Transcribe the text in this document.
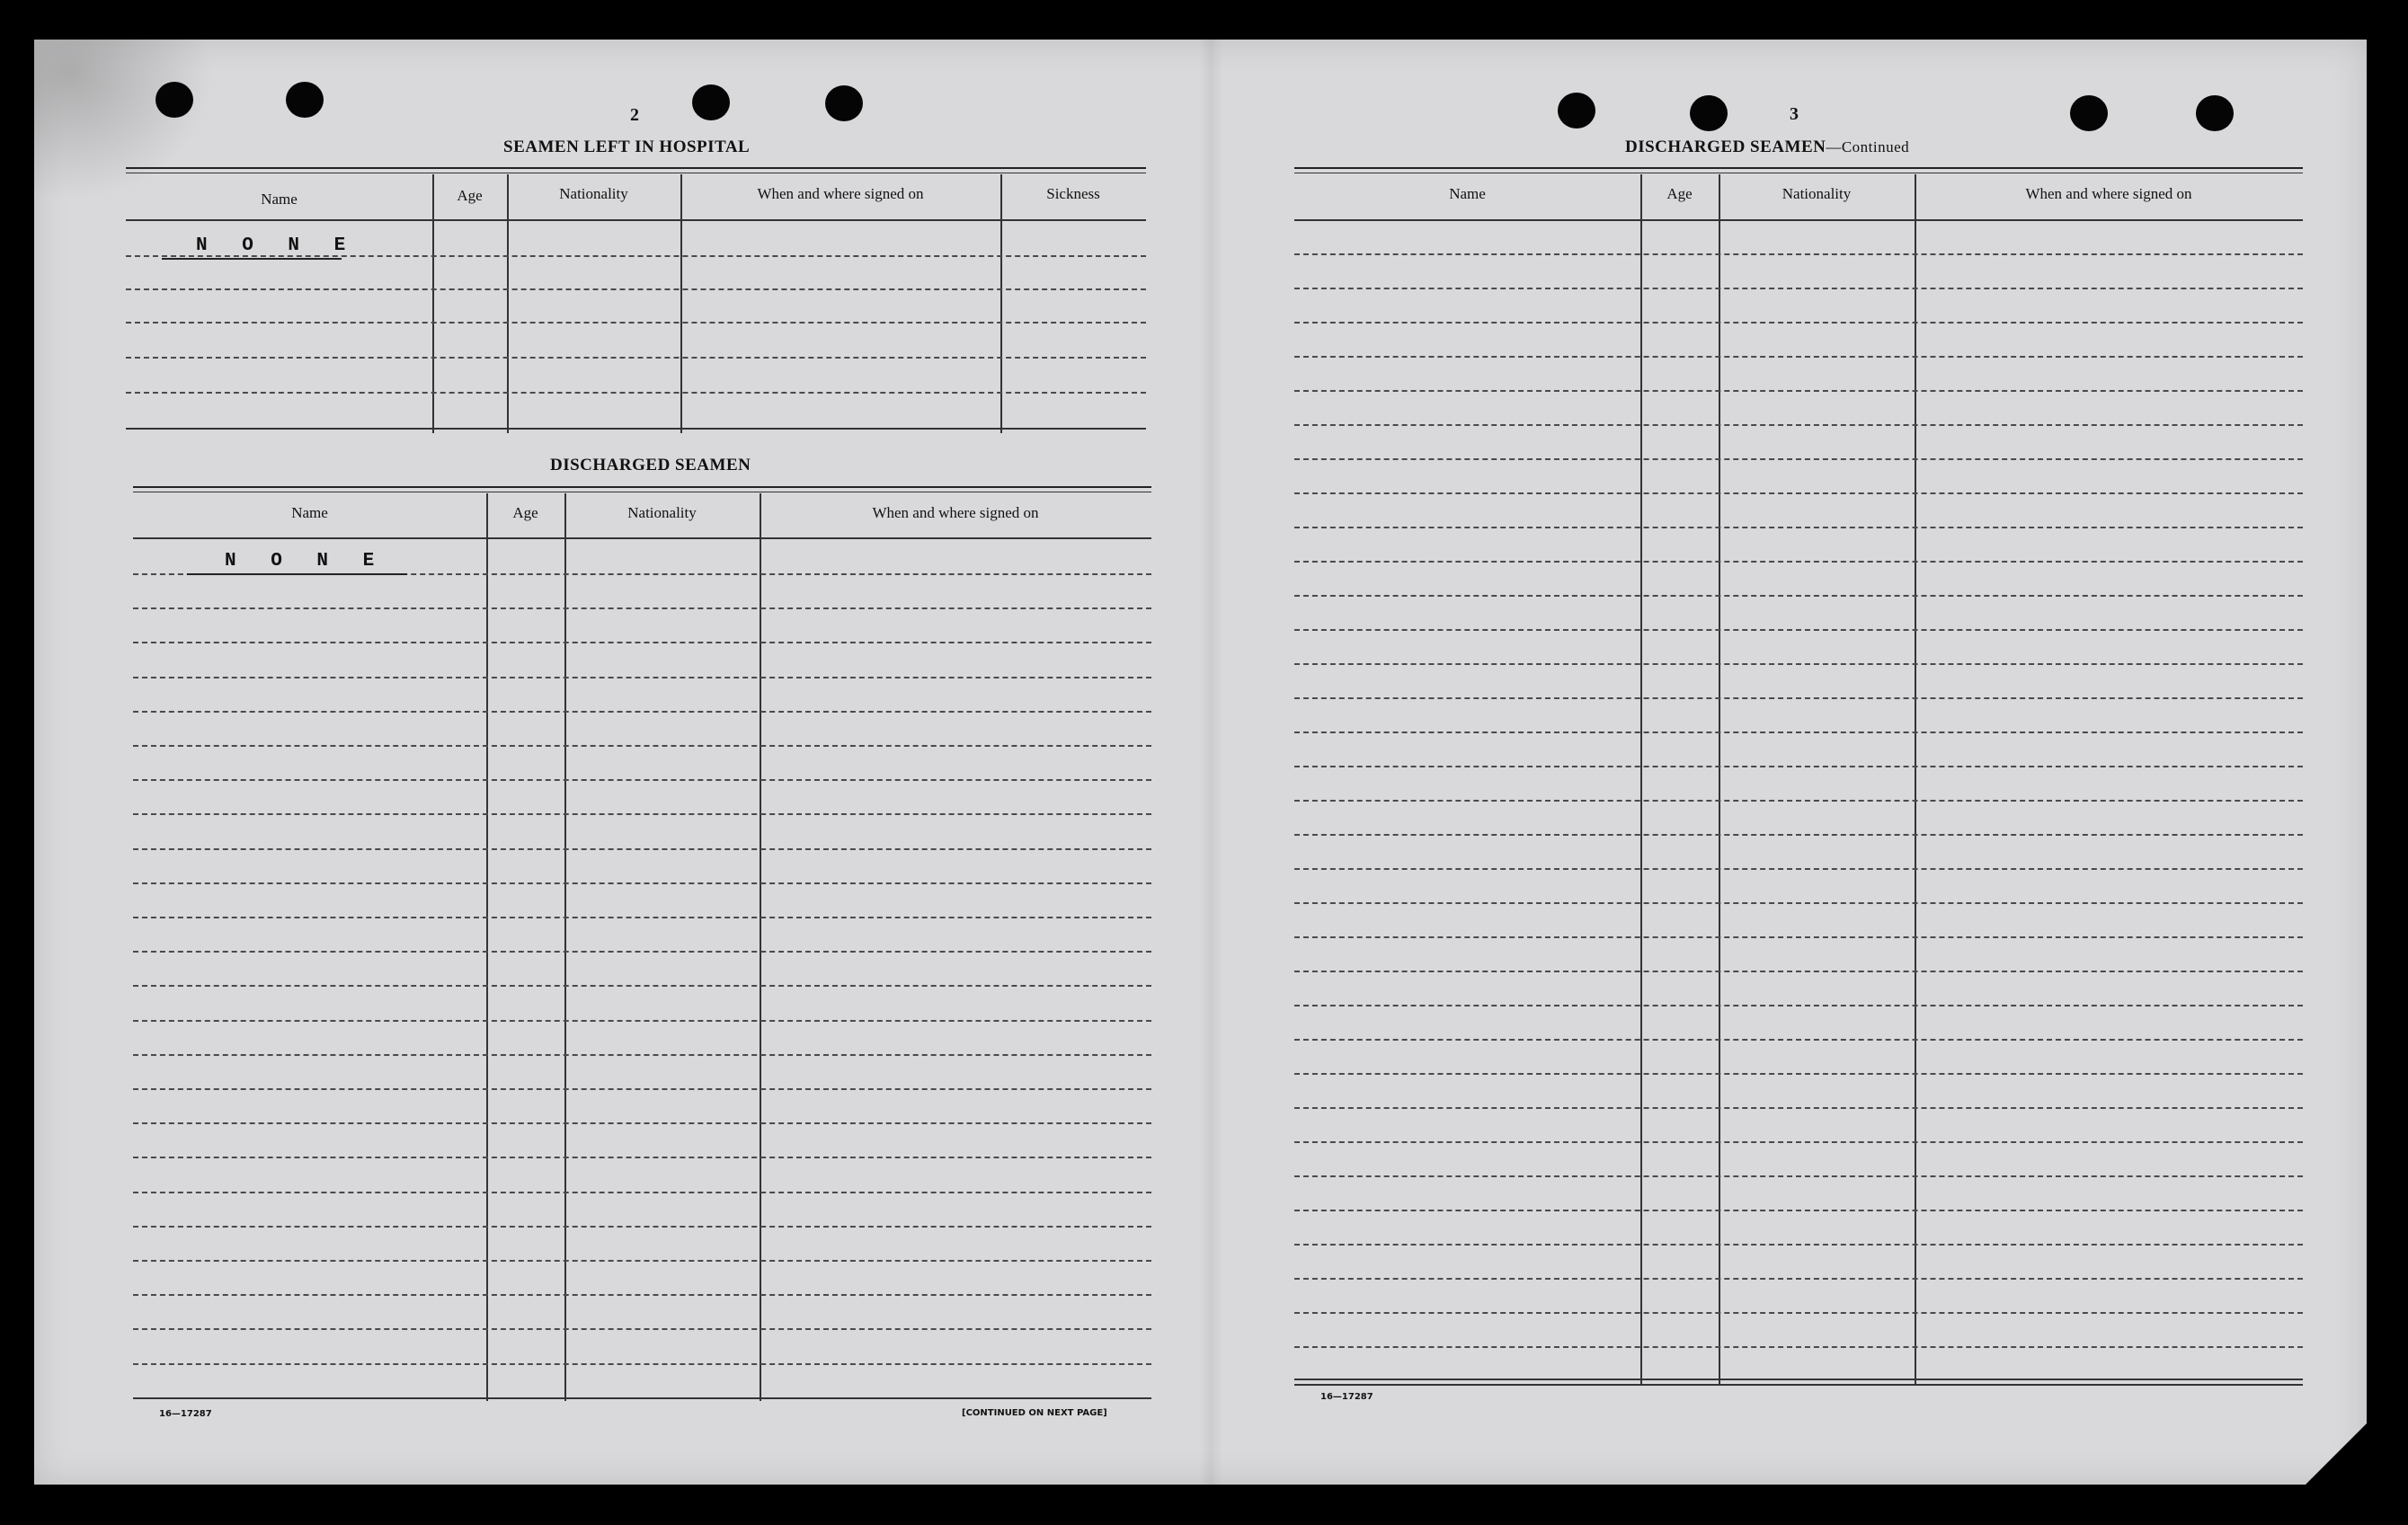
2
SEAMEN LEFT IN HOSPITAL
Name	Age	Nationality	When and where signed on	Sickness
N O N E
DISCHARGED SEAMEN
Name	Age	Nationality	When and where signed on
N O N E
16—17287	[CONTINUED ON NEXT PAGE]
3
DISCHARGED SEAMEN—Continued
Name	Age	Nationality	When and where signed on
16—17287
